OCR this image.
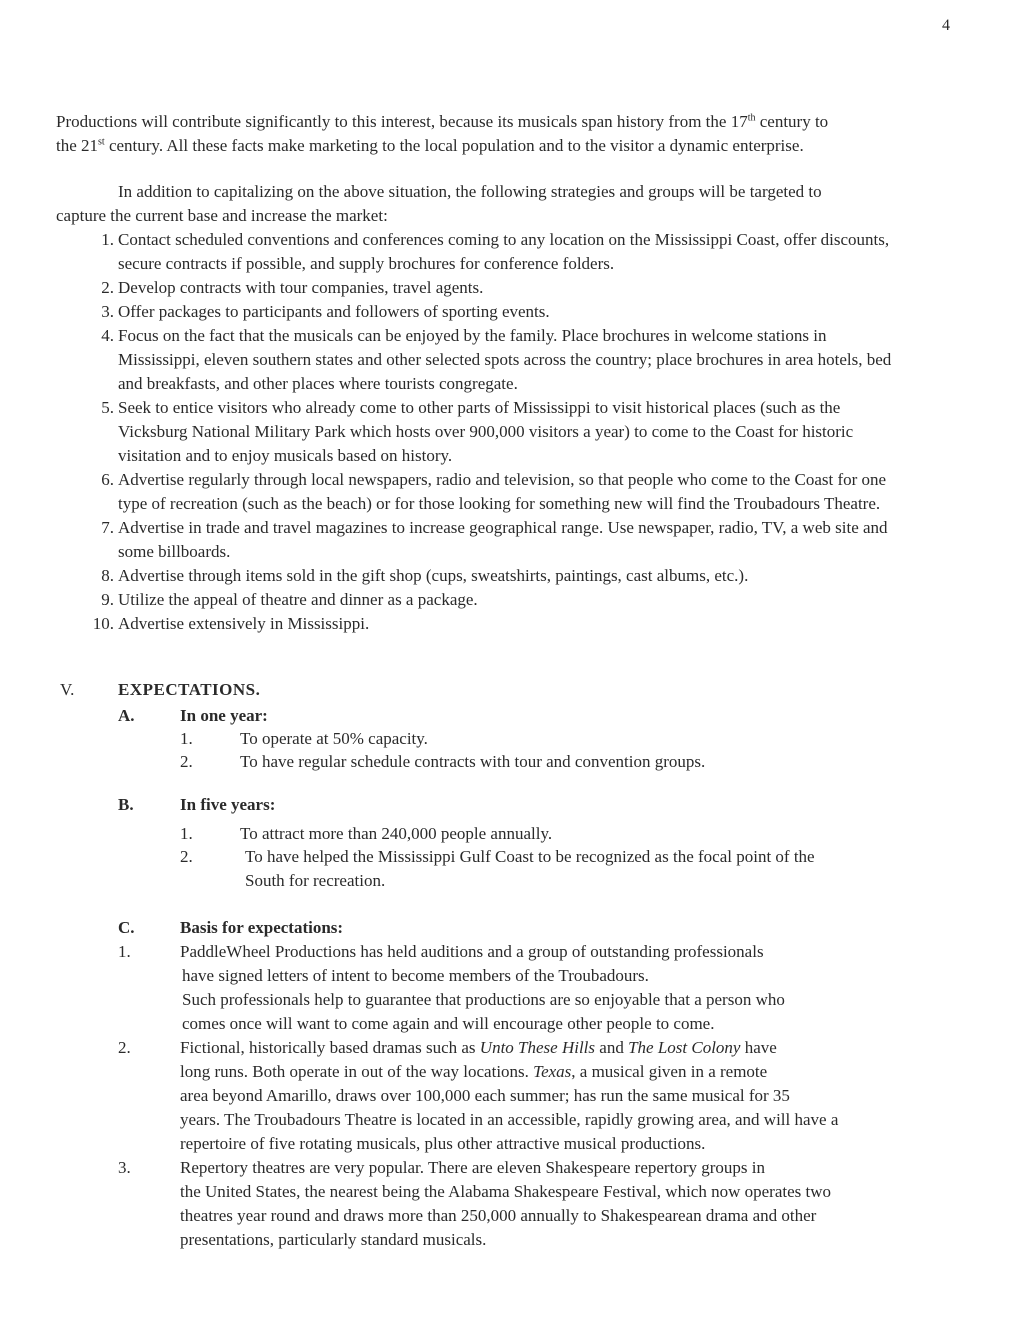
4

Productions will contribute significantly to this interest, because its musicals span history from the 17th century to

the 21st century. All these facts make marketing to the local population and to the visitor a dynamic enterprise.

In addition to capitalizing on the above situation, the following strategies and groups will be targeted to
capture the current base and increase the market:
1. Contact scheduled conventions and conferences coming to any location on the Mississippi Coast, offer discounts, secure contracts if possible, and supply brochures for conference folders.
2. Develop contracts with tour companies, travel agents.
3. Offer packages to participants and followers of sporting events.
4. Focus on the fact that the musicals can be enjoyed by the family. Place brochures in welcome stations in Mississippi, eleven southern states and other selected spots across the country; place brochures in area hotels, bed and breakfasts, and other places where tourists congregate.
5. Seek to entice visitors who already come to other parts of Mississippi to visit historical places (such as the Vicksburg National Military Park which hosts over 900,000 visitors a year) to come to the Coast for historic visitation and to enjoy musicals based on history.
6. Advertise regularly through local newspapers, radio and television, so that people who come to the Coast for one type of recreation (such as the beach) or for those looking for something new will find the Troubadours Theatre.
7. Advertise in trade and travel magazines to increase geographical range. Use newspaper, radio, TV, a web site and some billboards.
8. Advertise through items sold in the gift shop (cups, sweatshirts, paintings, cast albums, etc.).
9. Utilize the appeal of theatre and dinner as a package.
10. Advertise extensively in Mississippi.
V.	EXPECTATIONS.
A.	In one year:
1.	To operate at 50% capacity.
2.	To have regular schedule contracts with tour and convention groups.
B.	In five years:
1.	To attract more than 240,000 people annually.
2.	To have helped the Mississippi Gulf Coast to be recognized as the focal point of the
South for recreation.
C.	Basis for expectations:
1.	PaddleWheel Productions has held auditions and a group of outstanding professionals
have signed letters of intent to become members of the Troubadours.
Such professionals help to guarantee that productions are so enjoyable that a person who
comes once will want to come again and will encourage other people to come.
2.	Fictional, historically based dramas such as Unto These Hills and The Lost Colony have
long runs. Both operate in out of the way locations. Texas, a musical given in a remote
area beyond Amarillo, draws over 100,000 each summer; has run the same musical for 35
years. The Troubadours Theatre is located in an accessible, rapidly growing area, and will have a
repertoire of five rotating musicals, plus other attractive musical productions.
3.	Repertory theatres are very popular. There are eleven Shakespeare repertory groups in
the United States, the nearest being the Alabama Shakespeare Festival, which now operates two
theatres year round and draws more than 250,000 annually to Shakespearean drama and other
presentations, particularly standard musicals.
